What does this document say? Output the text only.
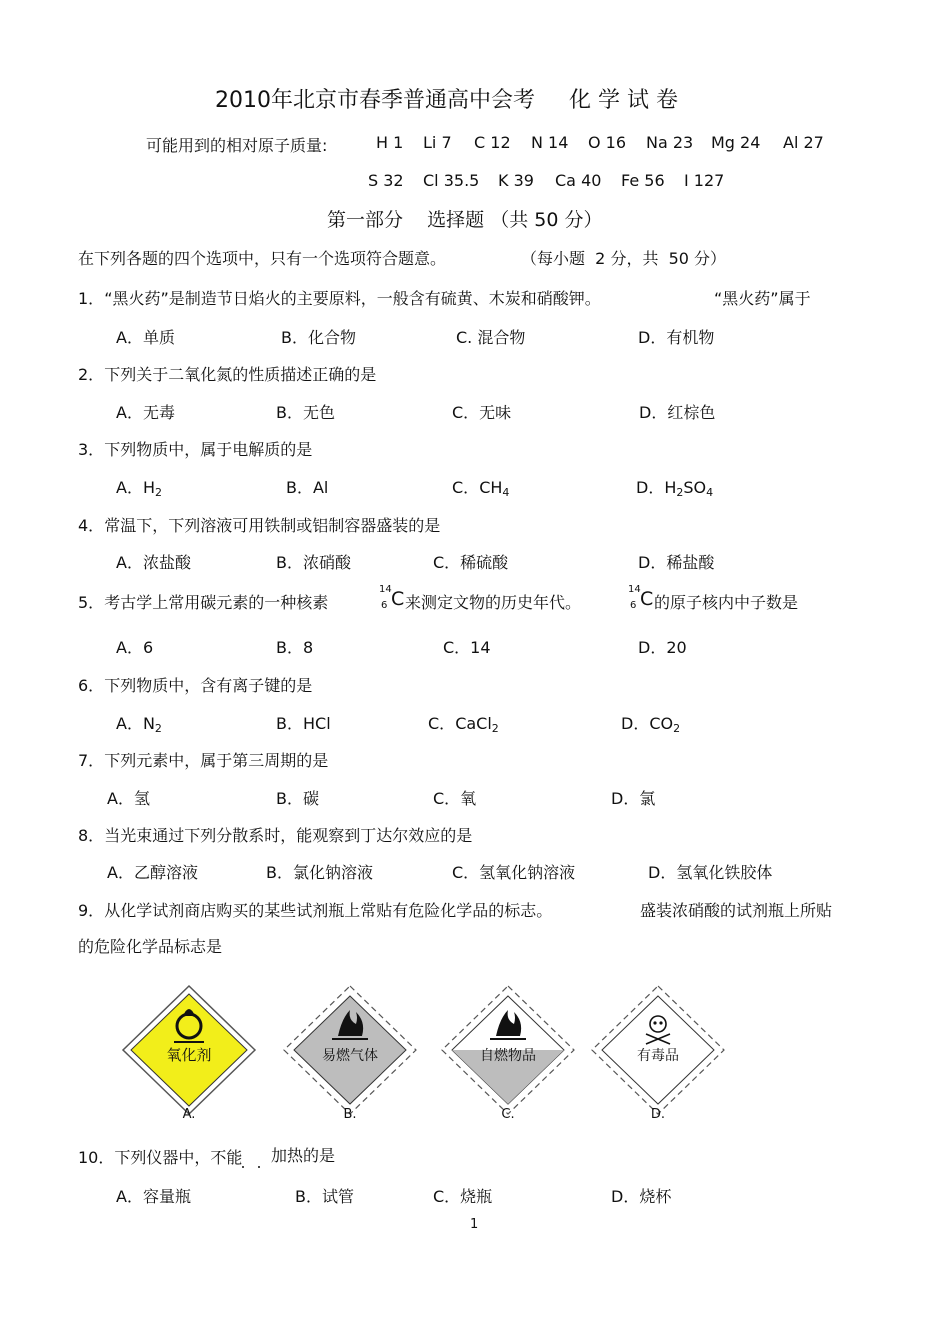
2010年北京市春季普通高中会考 化 学 试 卷
可能用到的相对原子质量:	H 1 Li 7 C 12 N 14 O 16 Na 23 Mg 24 Al 27
S 32 Cl 35.5 K 39 Ca 40 Fe 56 I 127
第一部分    选择题 （共 50 分）
在下列各题的四个选项中，只有一个选项符合题意。	（每小题  2 分，共  50 分）
1．“黑火药”是制造节日焰火的主要原料，一般含有硫黄、木炭和硝酸钾。	“黑火药”属于
A．单质	B．化合物	C. 混合物	D．有机物
2．下列关于二氧化氮的性质描述正确的是
A．无毒	B．无色	C．无味	D．红棕色
3．下列物质中，属于电解质的是
A．$H_2$	B．Al	C．$CH_4$	D．$H_2SO_4$
4．常温下，下列溶液可用铁制或铝制容器盛装的是
A．浓盐酸	B．浓硝酸	C．稀硫酸	D．稀盐酸
5．考古学上常用碳元素的一种核素
14
6 C 来测定文物的历史年代。
14
6 C 的原子核内中子数是
A．6	B．8	C．14	D．20
6．下列物质中，含有离子键的是
A．$N_2$	B．HCl	C．CaCl$_2$	D．$CO_2$
7．下列元素中，属于第三周期的是
A．氢	B．碳	C．氧	D．氯
8．当光束通过下列分散系时，能观察到丁达尔效应的是
A．乙醇溶液	B．氯化钠溶液	C．氢氧化钠溶液	D．氢氧化铁胶体
9．从化学试剂商店购买的某些试剂瓶上常贴有危险化学品的标志。	盛装浓硝酸的试剂瓶上所贴
的危险化学品标志是
氧化剂
A.
易燃气体
B.
自燃物品
C.
有毒品
D.
10．下列仪器中，不能 加热的是
A．容量瓶	B．试管	C．烧瓶	D．烧杯
1
